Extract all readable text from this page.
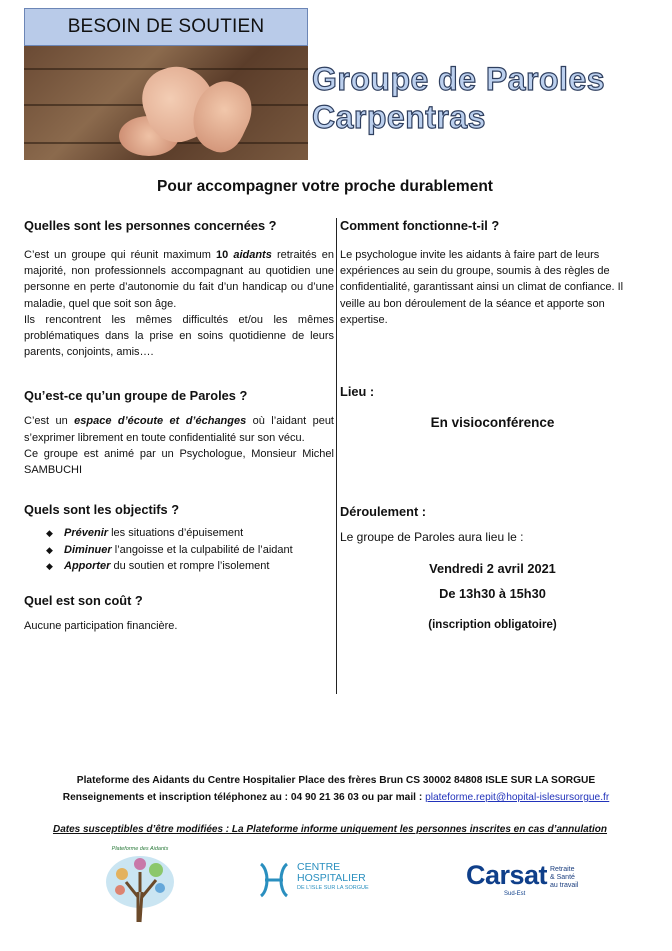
BESOIN DE SOUTIEN
Groupe de Paroles
Carpentras
Pour accompagner votre proche durablement

Quelles sont les personnes concernées ?

C’est un groupe qui réunit maximum 10 aidants retraités en majorité, non professionnels accompagnant au quotidien une personne en perte d’autonomie du fait d’un handicap ou d’une maladie, quel que soit son âge.

Ils rencontrent les mêmes difficultés et/ou les mêmes problématiques dans la prise en soins quotidienne de leurs parents, conjoints, amis….

Qu’est-ce qu’un groupe de Paroles ?

C’est un espace d’écoute et d’échanges où l’aidant peut s’exprimer librement en toute confidentialité sur son vécu.

Ce groupe est animé par un Psychologue, Monsieur Michel SAMBUCHI

Quels sont les objectifs ?

◆ Prévenir les situations d’épuisement
◆ Diminuer l’angoisse et la culpabilité de l’aidant
◆ Apporter du soutien et rompre l’isolement

Quel est son coût ?

Aucune participation financière.

Comment fonctionne-t-il ?

Le psychologue invite les aidants à faire part de leurs expériences au sein du groupe, soumis à des règles de confidentialité, garantissant ainsi un climat de confiance. Il veille au bon déroulement de la séance et apporte son expertise.

Lieu :

En visioconférence

Déroulement :

Le groupe de Paroles aura lieu le :

Vendredi 2 avril 2021

De 13h30 à 15h30

(inscription obligatoire)

Plateforme des Aidants du Centre Hospitalier Place des frères Brun CS 30002 84808 ISLE SUR LA SORGUE
Renseignements et inscription téléphonez au : 04 90 21 36 03 ou par mail : plateforme.repit@hopital-islesursorgue.fr
Dates susceptibles d’être modifiées : La Plateforme informe uniquement les personnes inscrites en cas d’annulation
Plateforme des Aidants
CENTRE
HOSPITALIER
DE L'ISLE SUR LA SORGUE	Carsat Retraite
& Santé
au travail
Sud-Est
